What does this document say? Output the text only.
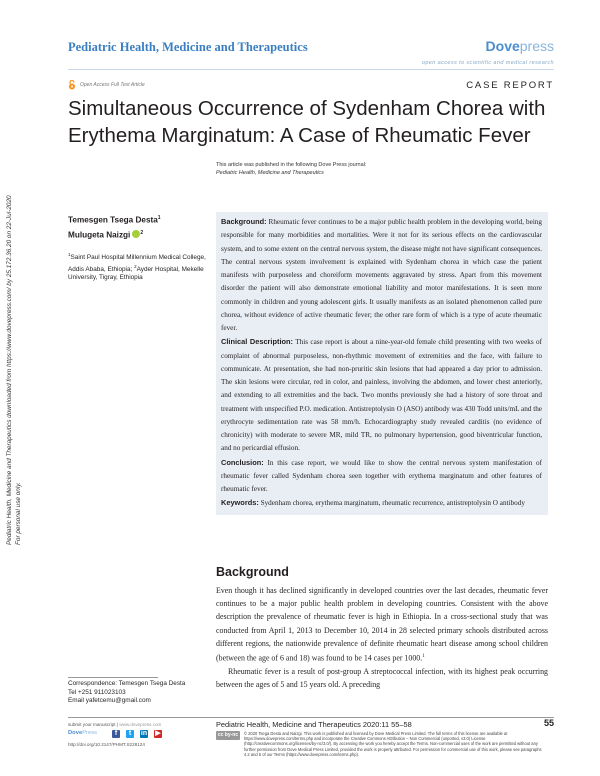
Pediatric Health, Medicine and Therapeutics	Dovepress
open access to scientific and medical research
Open Access Full Text Article	CASE REPORT
Simultaneous Occurrence of Sydenham Chorea with Erythema Marginatum: A Case of Rheumatic Fever
This article was published in the following Dove Press journal:
Pediatric Health, Medicine and Therapeutics
Pediatric Health, Medicine and Therapeutics downloaded from https://www.dovepress.com/ by 25.172.36.20 on 22-Jul-2020 For personal use only.
Temesgen Tsega Desta$^1$
Mulugeta Naizgi $^2$
$^1$Saint Paul Hospital Millennium Medical College, Addis Ababa, Ethiopia; $^2$Ayder Hospital, Mekelle University, Tigray, Ethiopia

Background: Rheumatic fever continues to be a major public health problem in the developing world, being responsible for many morbidities and mortalities. Were it not for its serious effects on the cardiovascular system, and to some extent on the central nervous system, the disease might not have significant consequences. The central nervous system involvement is explained with Sydenham chorea in which case the patient manifests with purposeless and choreiform movements aggravated by stress. Apart from this movement disorder the patient will also demonstrate emotional liability and motor manifestations. It is seen more commonly in children and young adolescent girls. It usually manifests as an isolated phenomenon called pure chorea, without evidence of active rheumatic fever; the other rare form of which is a type of acute rheumatic fever.

Clinical Description: This case report is about a nine-year-old female child presenting with two weeks of complaint of abnormal purposeless, non-rhythmic movement of extremities and the face, with failure to communicate. At presentation, she had non-pruritic skin lesions that had appeared a day prior to admission. The skin lesions were circular, red in color, and painless, involving the abdomen, and lower chest anteriorly, and extending to all extremities and the back. Two months previously she had a history of sore throat and treatment with unspecified P.O. medication. Antistreptolysin O (ASO) antibody was 430 Todd units/mL and the erythrocyte sedimentation rate was 58 mm/h. Echocardiography study revealed carditis (no evidence of chronicity) with moderate to severe MR, mild TR, no pulmonary hypertension, good biventricular function, and no pericardial effusion.

Conclusion: In this case report, we would like to show the central nervous system manifestation of rheumatic fever called Sydenham chorea seen together with erythema marginatum and other features of rheumatic fever.

Keywords: Sydenham chorea, erythema marginatum, rheumatic recurrence, antistreptolysin O antibody

Background

Even though it has declined significantly in developed countries over the last decades, rheumatic fever continues to be a major public health problem in developing countries. Consistent with the above description the prevalence of rheumatic fever is high in Ethiopia. In a cross-sectional study that was conducted from April 1, 2013 to December 10, 2014 in 28 selected primary schools distributed across different regions, the nationwide prevalence of definite rheumatic heart disease among school children (between the age of 6 and 18) was found to be 14 cases per 1000.$^1$

Rheumatic fever is a result of post-group A streptococcal infection, with its highest peak occurring between the ages of 5 and 15 years old. A preceding

Correspondence: Temesgen Tsega Desta
Tel +251 911023103
Email yafetcemu@gmail.com
submit your manuscript | www.dovepress.com
DovePress	f	t	in ▶
http://doi.org/10.2147/PHMT.S228124
Pediatric Health, Medicine and Therapeutics 2020:11 55–58	55
cc by-nc	© 2020 Tsega Desta and Naizgi. This work is published and licensed by Dove Medical Press Limited. The full terms of this license are available at https://www.dovepress.com/terms.php and incorporate the Creative Commons Attribution – Non Commercial (unported, v3.0) License (http://creativecommons.org/licenses/by-nc/3.0/). By accessing the work you hereby accept the Terms. Non-commercial uses of the work are permitted without any further permission from Dove Medical Press Limited, provided the work is properly attributed. For permission for commercial use of this work, please see paragraphs 4.2 and 5 of our Terms (https://www.dovepress.com/terms.php).
